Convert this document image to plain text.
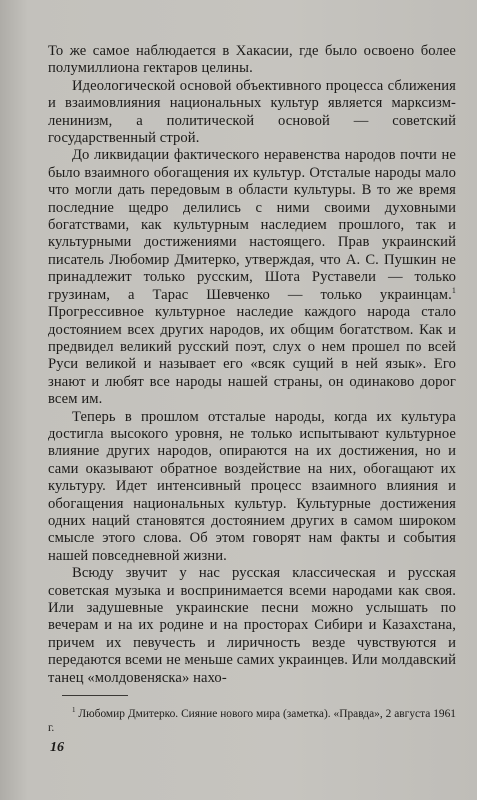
То же самое наблюдается в Хакасии, где было освоено более полумиллиона гектаров целины.

Идеологической основой объективного процесса сближения и взаимовлияния национальных культур является марксизм-ленинизм, а политической основой — советский государственный строй.

До ликвидации фактического неравенства народов почти не было взаимного обогащения их культур. Отсталые народы мало что могли дать передовым в области культуры. В то же время последние щедро делились с ними своими духовными богатствами, как культурным наследием прошлого, так и культурными достижениями настоящего. Прав украинский писатель Любомир Дмитерко, утверждая, что А. С. Пушкин не принадлежит только русским, Шота Руставели — только грузинам, а Тарас Шевченко — только украинцам.$^1$ Прогрессивное культурное наследие каждого народа стало достоянием всех других народов, их общим богатством. Как и предвидел великий русский поэт, слух о нем прошел по всей Руси великой и называет его «всяк сущий в ней язык». Его знают и любят все народы нашей страны, он одинаково дорог всем им.

Теперь в прошлом отсталые народы, когда их культура достигла высокого уровня, не только испытывают культурное влияние других народов, опираются на их достижения, но и сами оказывают обратное воздействие на них, обогащают их культуру. Идет интенсивный процесс взаимного влияния и обогащения национальных культур. Культурные достижения одних наций становятся достоянием других в самом широком смысле этого слова. Об этом говорят нам факты и события нашей повседневной жизни.

Всюду звучит у нас русская классическая и русская советская музыка и воспринимается всеми народами как своя. Или задушевные украинские песни можно услышать по вечерам и на их родине и на просторах Сибири и Казахстана, причем их певучесть и лиричность везде чувствуются и передаются всеми не меньше самих украинцев. Или молдавский танец «молдовеняска» нахо-

$^1$ Любомир Дмитерко. Сияние нового мира (заметка). «Правда», 2 августа 1961 г.
16
